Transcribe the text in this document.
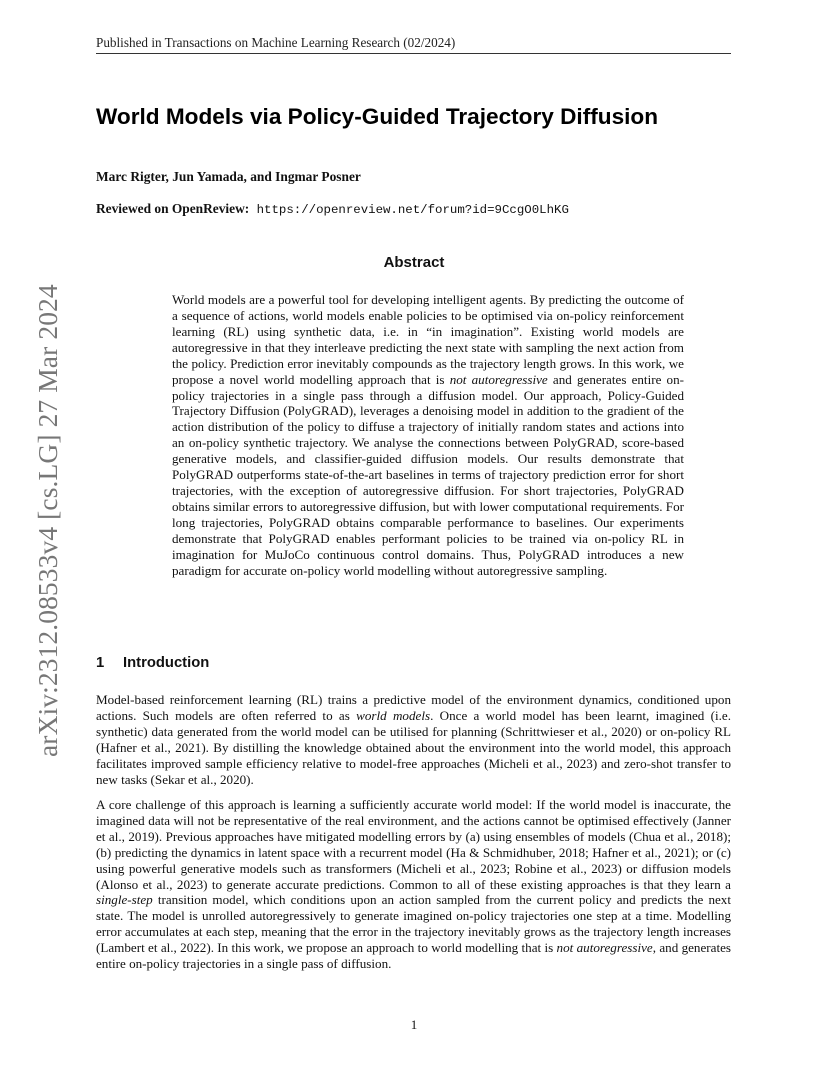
Published in Transactions on Machine Learning Research (02/2024)
arXiv:2312.08533v4 [cs.LG] 27 Mar 2024
World Models via Policy-Guided Trajectory Diffusion
Marc Rigter, Jun Yamada, and Ingmar Posner
Reviewed on OpenReview: https://openreview.net/forum?id=9CcgO0LhKG
Abstract
World models are a powerful tool for developing intelligent agents. By predicting the outcome of a sequence of actions, world models enable policies to be optimised via on-policy reinforcement learning (RL) using synthetic data, i.e. in “in imagination”. Existing world models are autoregressive in that they interleave predicting the next state with sampling the next action from the policy. Prediction error inevitably compounds as the trajectory length grows. In this work, we propose a novel world modelling approach that is not autoregressive and generates entire on-policy trajectories in a single pass through a diffusion model. Our approach, Policy-Guided Trajectory Diffusion (PolyGRAD), leverages a denoising model in addition to the gradient of the action distribution of the policy to diffuse a trajectory of initially random states and actions into an on-policy synthetic trajectory. We analyse the connections between PolyGRAD, score-based generative models, and classifier-guided diffusion models. Our results demonstrate that PolyGRAD outperforms state-of-the-art baselines in terms of trajectory prediction error for short trajectories, with the exception of autoregressive diffusion. For short trajectories, PolyGRAD obtains similar errors to autoregressive diffusion, but with lower computational requirements. For long trajectories, PolyGRAD obtains comparable performance to baselines. Our experiments demonstrate that PolyGRAD enables performant policies to be trained via on-policy RL in imagination for MuJoCo continuous control domains. Thus, PolyGRAD introduces a new paradigm for accurate on-policy world modelling without autoregressive sampling.
1 Introduction
Model-based reinforcement learning (RL) trains a predictive model of the environment dynamics, conditioned upon actions. Such models are often referred to as world models. Once a world model has been learnt, imagined (i.e. synthetic) data generated from the world model can be utilised for planning (Schrittwieser et al., 2020) or on-policy RL (Hafner et al., 2021). By distilling the knowledge obtained about the environment into the world model, this approach facilitates improved sample efficiency relative to model-free approaches (Micheli et al., 2023) and zero-shot transfer to new tasks (Sekar et al., 2020).
A core challenge of this approach is learning a sufficiently accurate world model: If the world model is inaccurate, the imagined data will not be representative of the real environment, and the actions cannot be optimised effectively (Janner et al., 2019). Previous approaches have mitigated modelling errors by (a) using ensembles of models (Chua et al., 2018); (b) predicting the dynamics in latent space with a recurrent model (Ha & Schmidhuber, 2018; Hafner et al., 2021); or (c) using powerful generative models such as transformers (Micheli et al., 2023; Robine et al., 2023) or diffusion models (Alonso et al., 2023) to generate accurate predictions. Common to all of these existing approaches is that they learn a single-step transition model, which conditions upon an action sampled from the current policy and predicts the next state. The model is unrolled autoregressively to generate imagined on-policy trajectories one step at a time. Modelling error accumulates at each step, meaning that the error in the trajectory inevitably grows as the trajectory length increases (Lambert et al., 2022). In this work, we propose an approach to world modelling that is not autoregressive, and generates entire on-policy trajectories in a single pass of diffusion.
1
